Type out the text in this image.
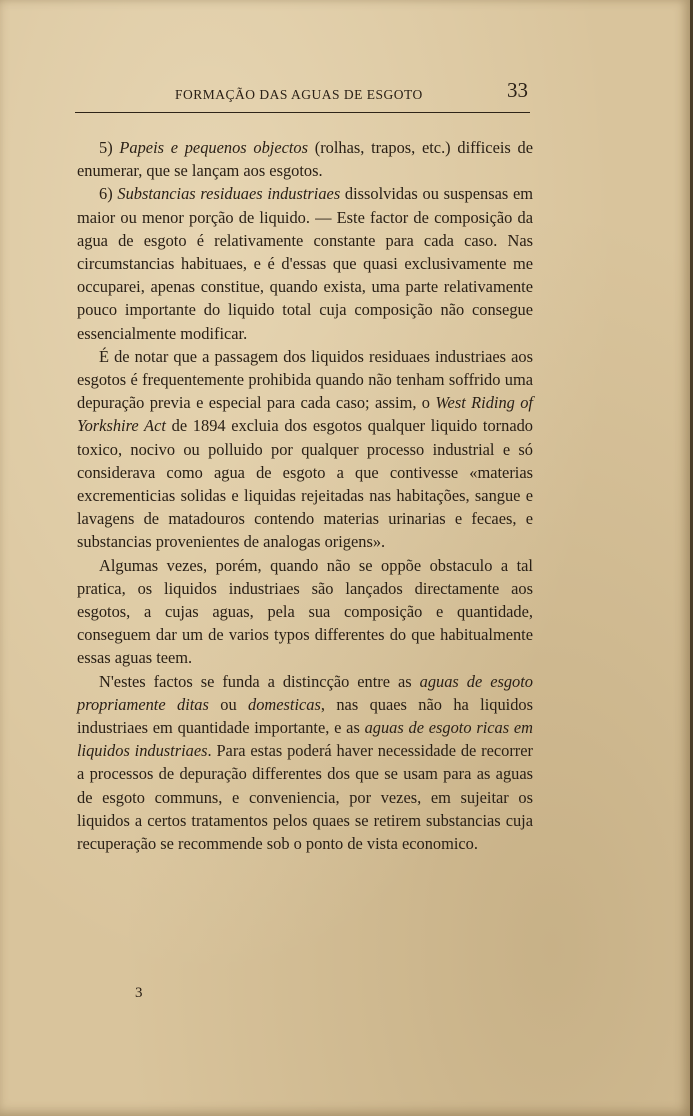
FORMAÇÃO DAS AGUAS DE ESGOTO	33

5) Papeis e pequenos objectos (rolhas, trapos, etc.) difficeis de enumerar, que se lançam aos esgotos.

6) Substancias residuaes industriaes dissolvidas ou suspensas em maior ou menor porção de liquido. — Este factor de composição da agua de esgoto é relativamente constante para cada caso. Nas circumstancias habituaes, e é d'essas que quasi exclusivamente me occuparei, apenas constitue, quando exista, uma parte relativamente pouco importante do liquido total cuja composição não consegue essencialmente modificar.

É de notar que a passagem dos liquidos residuaes industriaes aos esgotos é frequentemente prohibida quando não tenham soffrido uma depuração previa e especial para cada caso; assim, o West Riding of Yorkshire Act de 1894 excluia dos esgotos qualquer liquido tornado toxico, nocivo ou polluido por qualquer processo industrial e só considerava como agua de esgoto a que contivesse «materias excrementicias solidas e liquidas rejeitadas nas habitações, sangue e lavagens de matadouros contendo materias urinarias e fecaes, e substancias provenientes de analogas origens».

Algumas vezes, porém, quando não se oppõe obstaculo a tal pratica, os liquidos industriaes são lançados directamente aos esgotos, a cujas aguas, pela sua composição e quantidade, conseguem dar um de varios typos differentes do que habitualmente essas aguas teem.

N'estes factos se funda a distincção entre as aguas de esgoto propriamente ditas ou domesticas, nas quaes não ha liquidos industriaes em quantidade importante, e as aguas de esgoto ricas em liquidos industriaes. Para estas poderá haver necessidade de recorrer a processos de depuração differentes dos que se usam para as aguas de esgoto communs, e conveniencia, por vezes, em sujeitar os liquidos a certos tratamentos pelos quaes se retirem substancias cuja recuperação se recommende sob o ponto de vista economico.

3
